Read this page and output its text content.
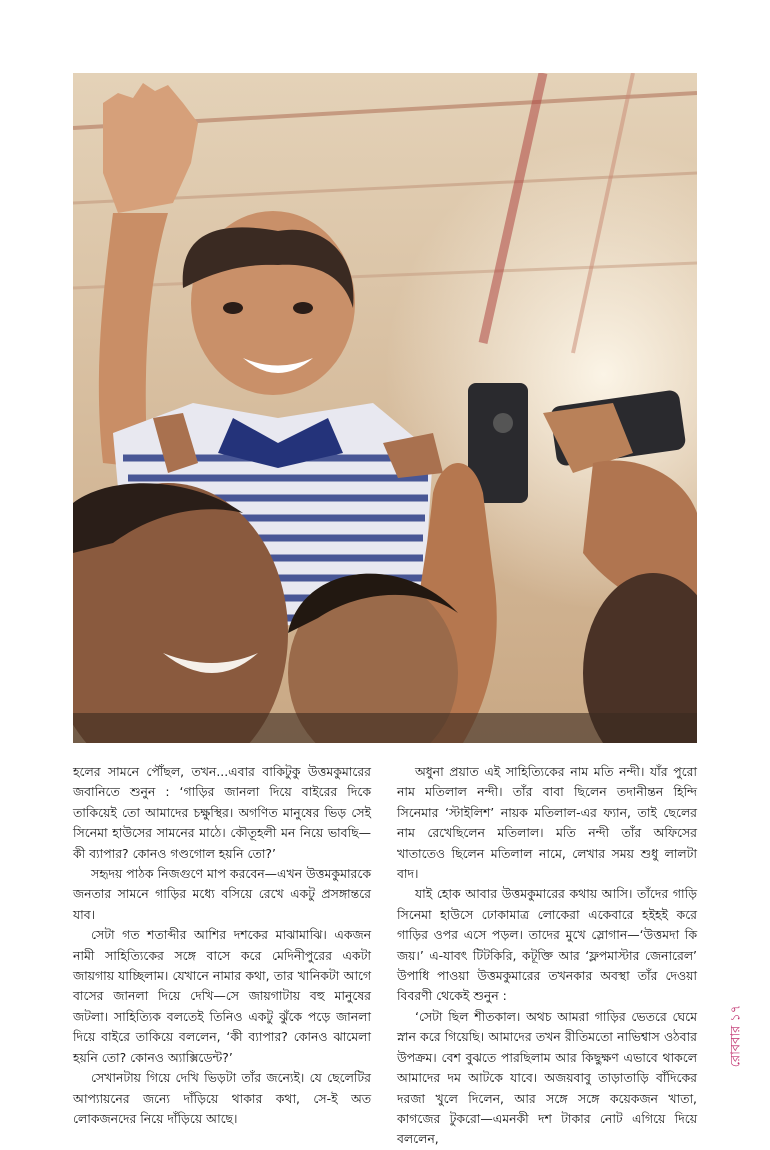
হলের সামনে পৌঁছল, তখন...এবার বাকিটুকু উত্তমকুমারের জবানিতে শুনুন : ‘গাড়ির জানলা দিয়ে বাইরের দিকে তাকিয়েই তো আমাদের চক্ষুস্থির। অগণিত মানুষের ভিড় সেই সিনেমা হাউসের সামনের মাঠে। কৌতূহলী মন নিয়ে ভাবছি—কী ব্যাপার? কোনও গণ্ডগোল হয়নি তো?’

সহৃদয় পাঠক নিজগুণে মাপ করবেন—এখন উত্তমকুমারকে জনতার সামনে গাড়ির মধ্যে বসিয়ে রেখে একটু প্রসঙ্গান্তরে যাব।

সেটা গত শতাব্দীর আশির দশকের মাঝামাঝি। একজন নামী সাহিত্যিকের সঙ্গে বাসে করে মেদিনীপুরের একটা জায়গায় যাচ্ছিলাম। যেখানে নামার কথা, তার খানিকটা আগে বাসের জানলা দিয়ে দেখি—সে জায়গাটায় বহু মানুষের জটলা। সাহিত্যিক বলতেই তিনিও একটু ঝুঁকে পড়ে জানলা দিয়ে বাইরে তাকিয়ে বললেন, ‘কী ব্যাপার? কোনও ঝামেলা হয়নি তো? কোনও অ্যাক্সিডেন্ট?’

সেখানটায় গিয়ে দেখি ভিড়টা তাঁর জন্যেই। যে ছেলেটির আপ্যায়নের জন্যে দাঁড়িয়ে থাকার কথা, সে-ই অত লোকজনদের নিয়ে দাঁড়িয়ে আছে।

অধুনা প্রয়াত এই সাহিত্যিকের নাম মতি নন্দী। যাঁর পুরো নাম মতিলাল নন্দী। তাঁর বাবা ছিলেন তদানীন্তন হিন্দি সিনেমার ‘স্টাইলিশ’ নায়ক মতিলাল-এর ফ্যান, তাই ছেলের নাম রেখেছিলেন মতিলাল। মতি নন্দী তাঁর অফিসের খাতাতেও ছিলেন মতিলাল নামে, লেখার সময় শুধু লালটা বাদ।

যাই হোক আবার উত্তমকুমারের কথায় আসি। তাঁদের গাড়ি সিনেমা হাউসে ঢোকামাত্র লোকেরা একেবারে হইহই করে গাড়ির ওপর এসে পড়ল। তাদের মুখে স্লোগান—‘উত্তমদা কি জয়।’ এ-যাবৎ টিটকিরি, কটূক্তি আর ‘ফ্লপমাস্টার জেনারেল’ উপাধি পাওয়া উত্তমকুমারের তখনকার অবস্থা তাঁর দেওয়া বিবরণী থেকেই শুনুন :

‘সেটা ছিল শীতকাল। অথচ আমরা গাড়ির ভেতরে ঘেমে স্নান করে গিয়েছি। আমাদের তখন রীতিমতো নাভিশ্বাস ওঠবার উপক্রম। বেশ বুঝতে পারছিলাম আর কিছুক্ষণ এভাবে থাকলে আমাদের দম আটকে যাবে। অজয়বাবু তাড়াতাড়ি বাঁদিকের দরজা খুলে দিলেন, আর সঙ্গে সঙ্গে কয়েকজন খাতা, কাগজের টুকরো—এমনকী দশ টাকার নোট এগিয়ে দিয়ে বললেন,

রোববার ১৭
